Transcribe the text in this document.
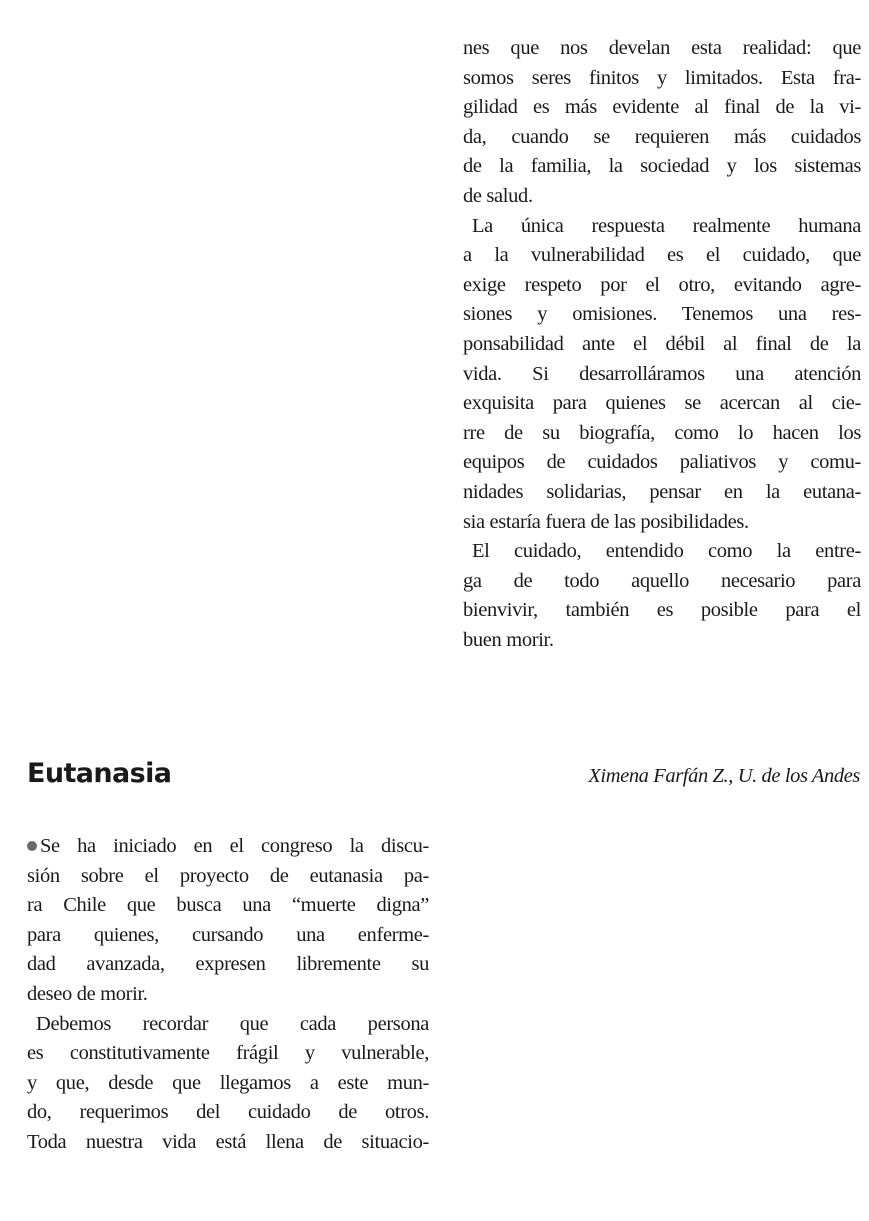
nes que nos develan esta realidad: que
somos seres finitos y limitados. Esta fra-
gilidad es más evidente al final de la vi-
da, cuando se requieren más cuidados
de la familia, la sociedad y los sistemas
de salud.
La única respuesta realmente humana
a la vulnerabilidad es el cuidado, que
exige respeto por el otro, evitando agre-
siones y omisiones. Tenemos una res-
ponsabilidad ante el débil al final de la
vida. Si desarrolláramos una atención
exquisita para quienes se acercan al cie-
rre de su biografía, como lo hacen los
equipos de cuidados paliativos y comu-
nidades solidarias, pensar en la eutana-
sia estaría fuera de las posibilidades.
El cuidado, entendido como la entre-
ga de todo aquello necesario para
bienvivir, también es posible para el
buen morir.
Eutanasia	Ximena Farfán Z., U. de los Andes

Se ha iniciado en el congreso la discu-
sión sobre el proyecto de eutanasia pa-
ra Chile que busca una “muerte digna”
para quienes, cursando una enferme-
dad avanzada, expresen libremente su
deseo de morir.
Debemos recordar que cada persona
es constitutivamente frágil y vulnerable,
y que, desde que llegamos a este mun-
do, requerimos del cuidado de otros.
Toda nuestra vida está llena de situacio-
